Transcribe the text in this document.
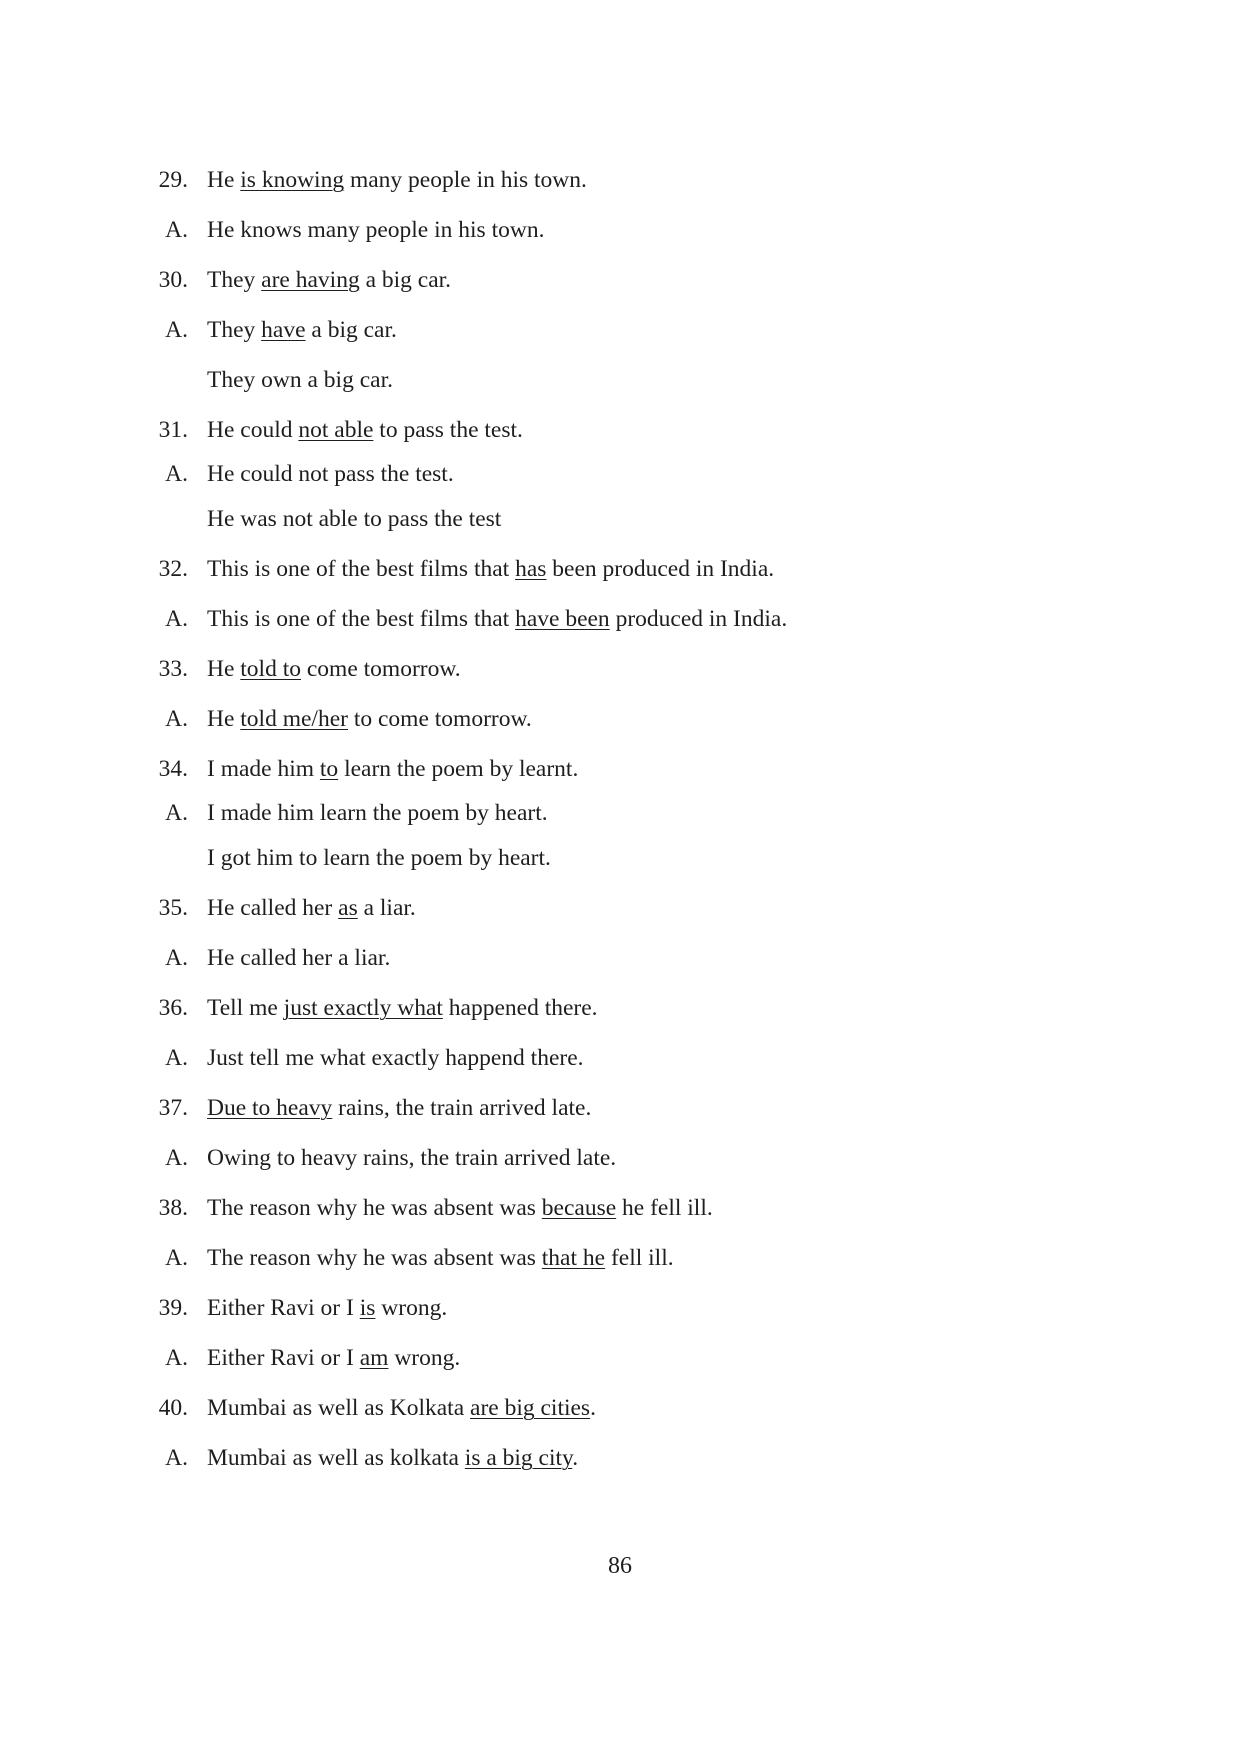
29. He is knowing many people in his town.
A. He knows many people in his town.
30. They are having a big car.
A. They have a big car.
They own a big car.
31. He could not able to pass the test.
A. He could not pass the test.
He was not able to pass the test
32. This is one of the best films that has been produced in India.
A. This is one of the best films that have been produced in India.
33. He told to come tomorrow.
A. He told me/her to come tomorrow.
34. I made him to learn the poem by learnt.
A. I made him learn the poem by heart.
I got him to learn the poem by heart.
35. He called her as a liar.
A. He called her a liar.
36. Tell me just exactly what happened there.
A. Just tell me what exactly happend there.
37. Due to heavy rains, the train arrived late.
A. Owing to heavy rains, the train arrived late.
38. The reason why he was absent was because he fell ill.
A. The reason why he was absent was that he fell ill.
39. Either Ravi or I is wrong.
A. Either Ravi or I am wrong.
40. Mumbai as well as Kolkata are big cities.
A. Mumbai as well as kolkata is a big city.
86
